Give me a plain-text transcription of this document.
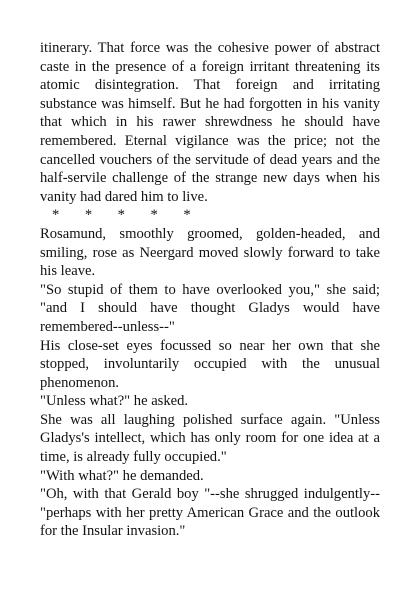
itinerary. That force was the cohesive power of abstract caste in the presence of a foreign irritant threatening its atomic disintegration. That foreign and irritating substance was himself. But he had forgotten in his vanity that which in his rawer shrewdness he should have remembered. Eternal vigilance was the price; not the cancelled vouchers of the servitude of dead years and the half-servile challenge of the strange new days when his vanity had dared him to live.

*       *       *       *       *

Rosamund, smoothly groomed, golden-headed, and smiling, rose as Neergard moved slowly forward to take his leave.

"So stupid of them to have overlooked you," she said; "and I should have thought Gladys would have remembered--unless--"

His close-set eyes focussed so near her own that she stopped, involuntarily occupied with the unusual phenomenon.

"Unless what?" he asked.

She was all laughing polished surface again. "Unless Gladys's intellect, which has only room for one idea at a time, is already fully occupied."

"With what?" he demanded.

"Oh, with that Gerald boy "--she shrugged indulgently--"perhaps with her pretty American Grace and the outlook for the Insular invasion."
